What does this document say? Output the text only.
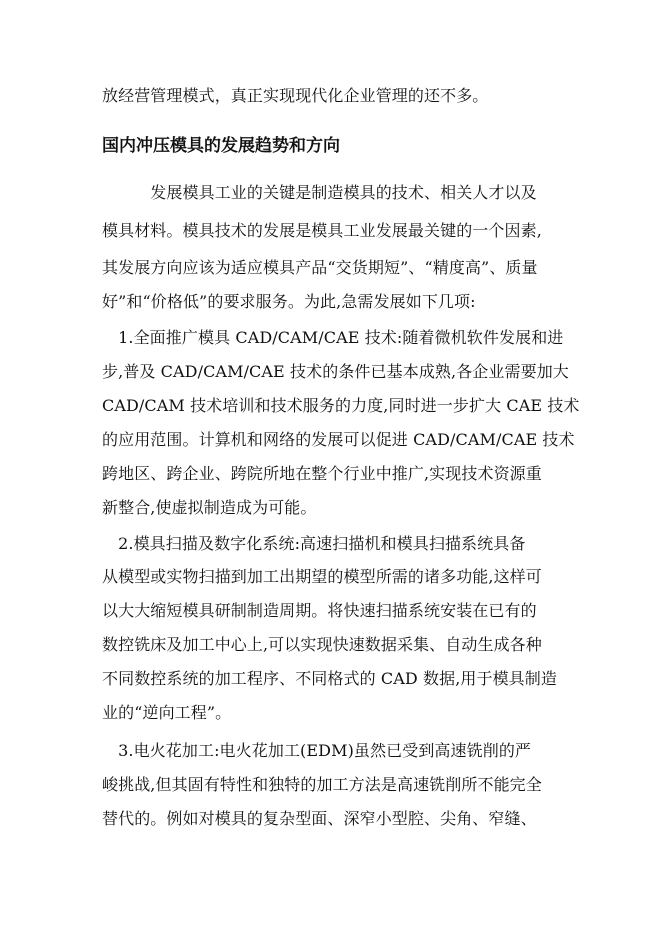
放经营管理模式，真正实现现代化企业管理的还不多。
国内冲压模具的发展趋势和方向
　　　发展模具工业的关键是制造模具的技术、相关人才以及
模具材料。模具技术的发展是模具工业发展最关键的一个因素,
其发展方向应该为适应模具产品“交货期短”、“精度高”、质量
好”和“价格低”的要求服务。为此,急需发展如下几项:
　1.全面推广模具 CAD/CAM/CAE 技术:随着微机软件发展和进
步,普及 CAD/CAM/CAE 技术的条件已基本成熟,各企业需要加大
CAD/CAM 技术培训和技术服务的力度,同时进一步扩大 CAE 技术
的应用范围。计算机和网络的发展可以促进 CAD/CAM/CAE 技术
跨地区、跨企业、跨院所地在整个行业中推广,实现技术资源重
新整合,使虚拟制造成为可能。
　2.模具扫描及数字化系统:高速扫描机和模具扫描系统具备
从模型或实物扫描到加工出期望的模型所需的诸多功能,这样可
以大大缩短模具研制制造周期。将快速扫描系统安装在已有的
数控铣床及加工中心上,可以实现快速数据采集、自动生成各种
不同数控系统的加工程序、不同格式的 CAD 数据,用于模具制造
业的“逆向工程”。
　3.电火花加工:电火花加工(EDM)虽然已受到高速铣削的严
峻挑战,但其固有特性和独特的加工方法是高速铣削所不能完全
替代的。例如对模具的复杂型面、深窄小型腔、尖角、窄缝、
